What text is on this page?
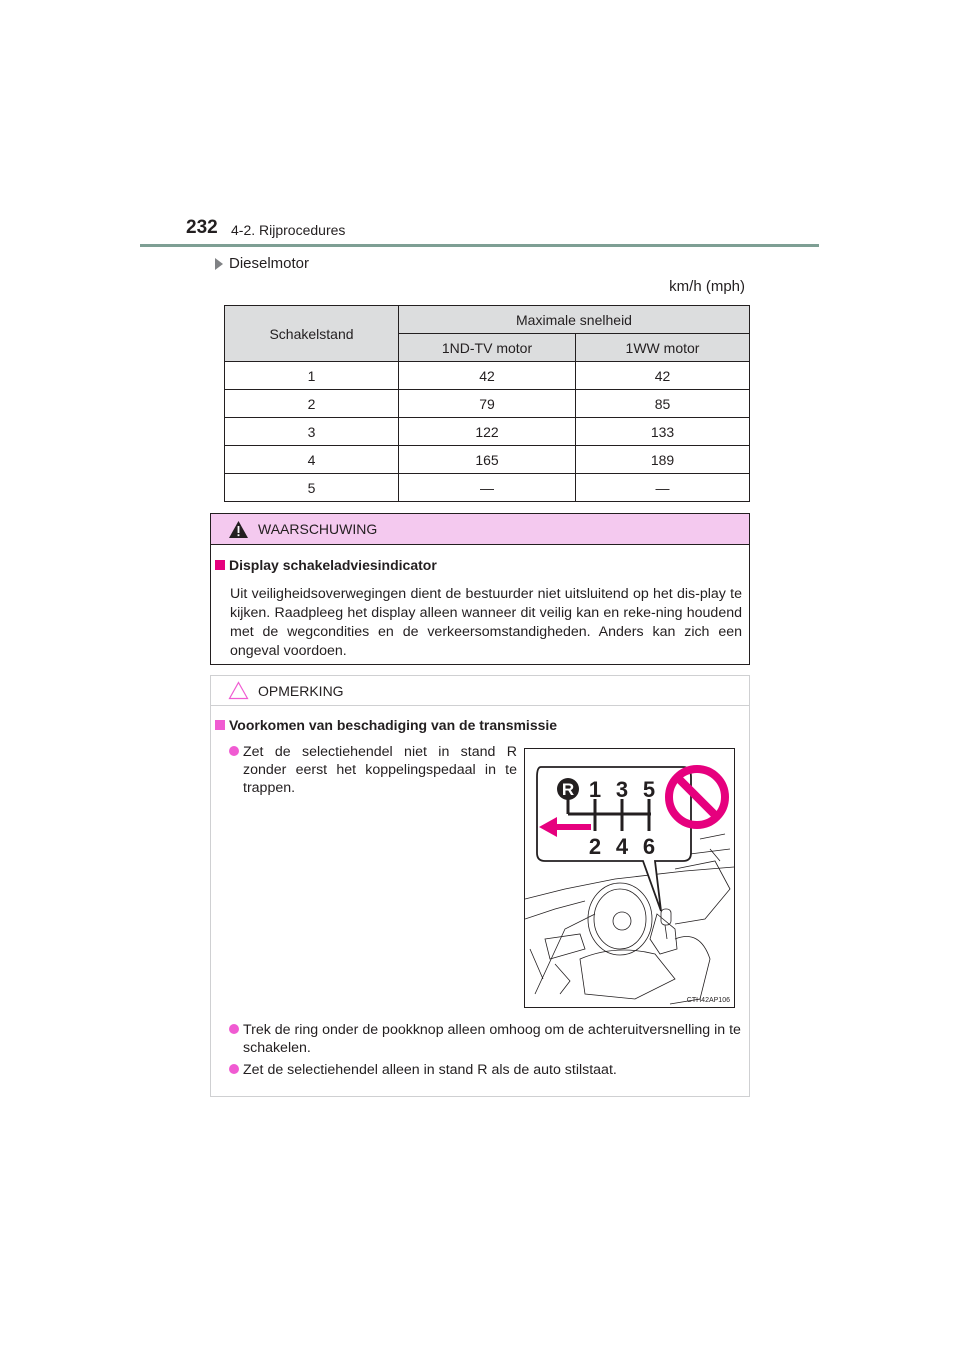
232 4-2. Rijprocedures
Dieselmotor
km/h (mph)
Schakelstand	Maximale snelheid	
	1ND-TV motor	1WW motor
1	42	42
2	79	85
3	122	133
4	165	189
5	—	—
WAARSCHUWING
Display schakeladviesindicator
Uit veiligheidsoverwegingen dient de bestuurder niet uitsluitend op het dis-play te kijken. Raadpleeg het display alleen wanneer dit veilig kan en reke-ning houdend met de wegcondities en de verkeersomstandigheden. Anders kan zich een ongeval voordoen.
OPMERKING
Voorkomen van beschadiging van de transmissie
Zet de selectiehendel niet in stand R zonder eerst het koppelingspedaal in te trappen.	R 1 3 5
2 4 6
CTH42AP106
Trek de ring onder de pookknop alleen omhoog om de achteruitversnelling in te schakelen.
Zet de selectiehendel alleen in stand R als de auto stilstaat.
